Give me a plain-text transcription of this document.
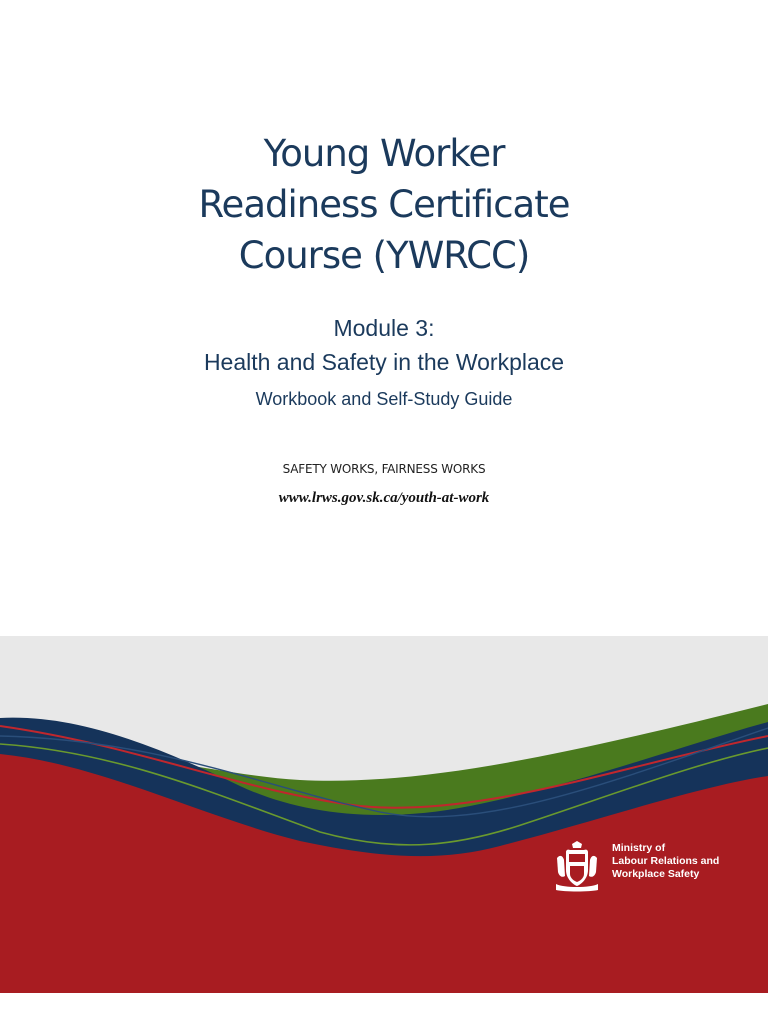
Young Worker
Readiness Certificate
Course (YWRCC)
Module 3:
Health and Safety in the Workplace
Workbook and Self-Study Guide
SAFETY WORKS, FAIRNESS WORKS
www.lrws.gov.sk.ca/youth-at-work
Ministry of
Labour Relations and
Workplace Safety
